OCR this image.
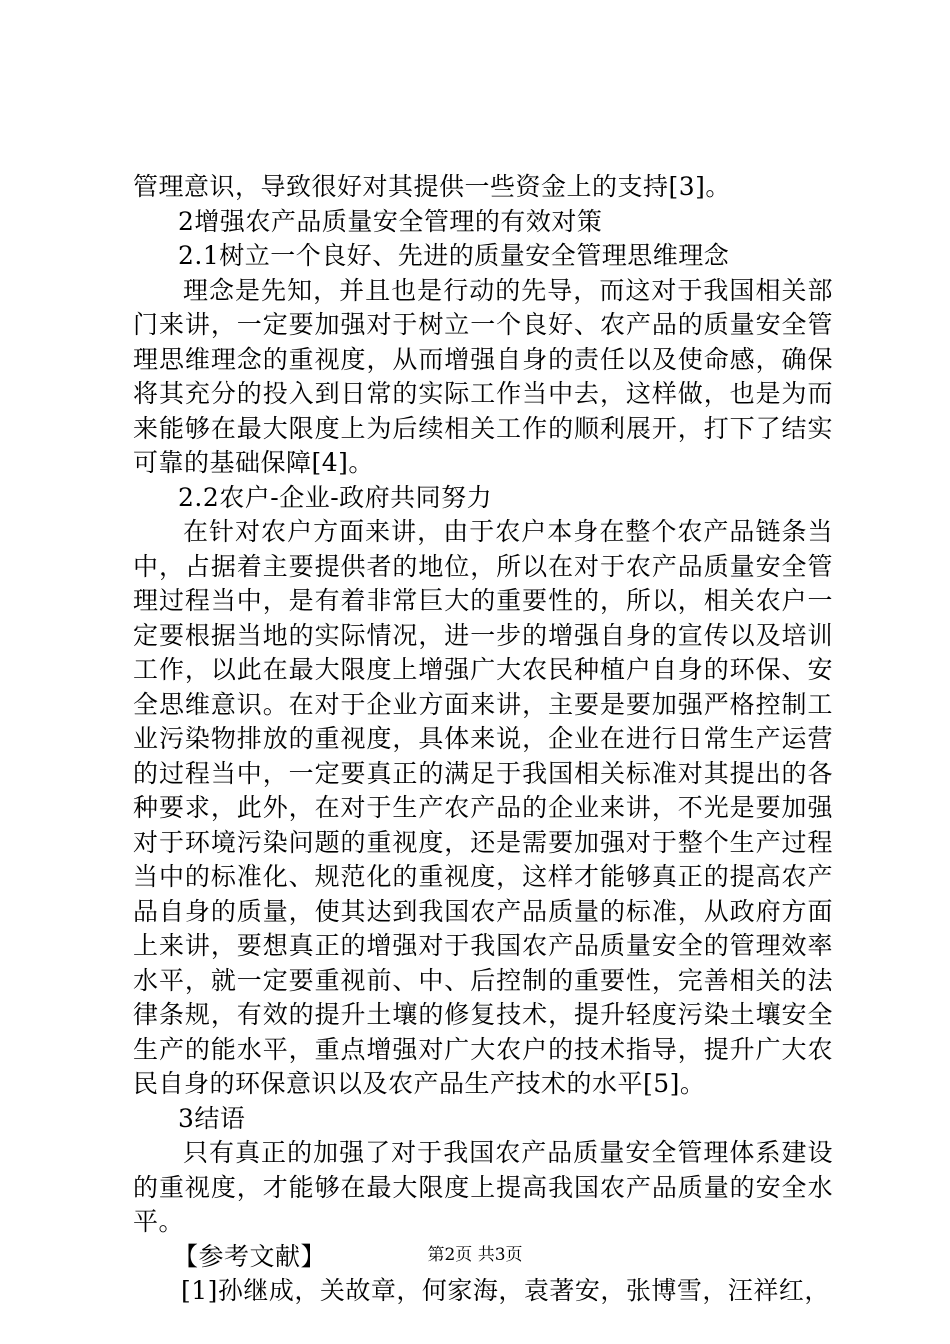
管理意识，导致很好对其提供一些资金上的支持[3]。

2增强农产品质量安全管理的有效对策

2.1树立一个良好、先进的质量安全管理思维理念

理念是先知，并且也是行动的先导，而这对于我国相关部门来讲，一定要加强对于树立一个良好、农产品的质量安全管理思维理念的重视度，从而增强自身的责任以及使命感，确保将其充分的投入到日常的实际工作当中去，这样做，也是为而来能够在最大限度上为后续相关工作的顺利展开，打下了结实可靠的基础保障[4]。

2.2农户-企业-政府共同努力

在针对农户方面来讲，由于农户本身在整个农产品链条当中，占据着主要提供者的地位，所以在对于农产品质量安全管理过程当中，是有着非常巨大的重要性的，所以，相关农户一定要根据当地的实际情况，进一步的增强自身的宣传以及培训工作，以此在最大限度上增强广大农民种植户自身的环保、安全思维意识。在对于企业方面来讲，主要是要加强严格控制工业污染物排放的重视度，具体来说，企业在进行日常生产运营的过程当中，一定要真正的满足于我国相关标准对其提出的各种要求，此外，在对于生产农产品的企业来讲，不光是要加强对于环境污染问题的重视度，还是需要加强对于整个生产过程当中的标准化、规范化的重视度，这样才能够真正的提高农产品自身的质量，使其达到我国农产品质量的标准，从政府方面上来讲，要想真正的增强对于我国农产品质量安全的管理效率水平，就一定要重视前、中、后控制的重要性，完善相关的法律条规，有效的提升土壤的修复技术，提升轻度污染土壤安全生产的能水平，重点增强对广大农户的技术指导，提升广大农民自身的环保意识以及农产品生产技术的水平[5]。

3结语

只有真正的加强了对于我国农产品质量安全管理体系建设的重视度，才能够在最大限度上提高我国农产品质量的安全水平。

【参考文献】

[1]孙继成，关故章，何家海，袁著安，张博雪，汪祥红，

第2页 共3页
